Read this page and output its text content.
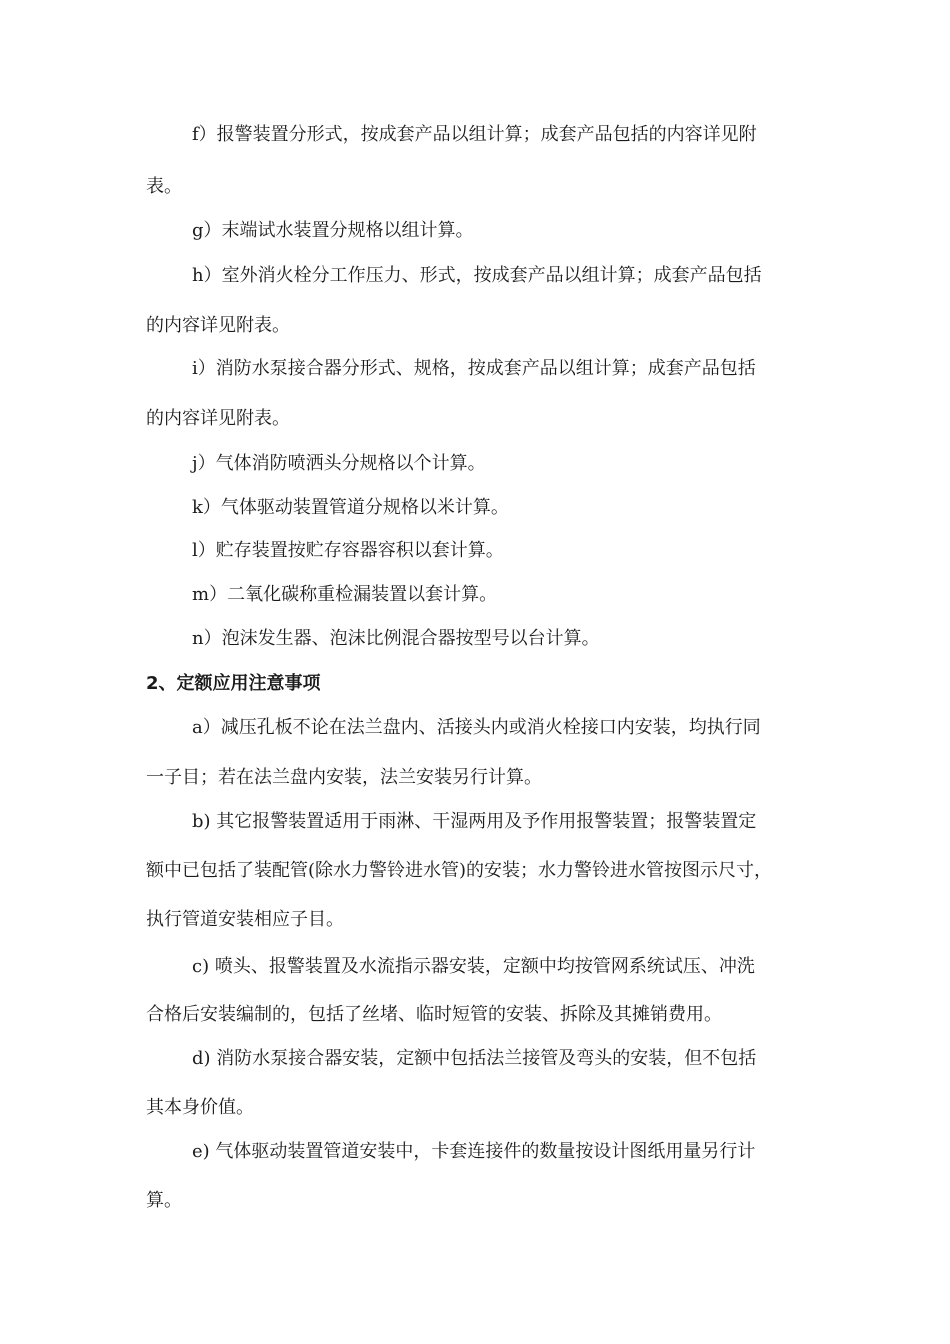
f）报警装置分形式，按成套产品以组计算；成套产品包括的内容详见附
表。
g）末端试水装置分规格以组计算。
h）室外消火栓分工作压力、形式，按成套产品以组计算；成套产品包括
的内容详见附表。
i）消防水泵接合器分形式、规格，按成套产品以组计算；成套产品包括
的内容详见附表。
j）气体消防喷洒头分规格以个计算。
k）气体驱动装置管道分规格以米计算。
l）贮存装置按贮存容器容积以套计算。
m）二氧化碳称重检漏装置以套计算。
n）泡沫发生器、泡沫比例混合器按型号以台计算。
2、定额应用注意事项
a）减压孔板不论在法兰盘内、活接头内或消火栓接口内安装，均执行同
一子目；若在法兰盘内安装，法兰安装另行计算。
b) 其它报警装置适用于雨淋、干湿两用及予作用报警装置；报警装置定
额中已包括了装配管(除水力警铃进水管)的安装；水力警铃进水管按图示尺寸，
执行管道安装相应子目。
c) 喷头、报警装置及水流指示器安装，定额中均按管网系统试压、冲洗
合格后安装编制的，包括了丝堵、临时短管的安装、拆除及其摊销费用。
d) 消防水泵接合器安装，定额中包括法兰接管及弯头的安装，但不包括
其本身价值。
e) 气体驱动装置管道安装中，卡套连接件的数量按设计图纸用量另行计
算。
